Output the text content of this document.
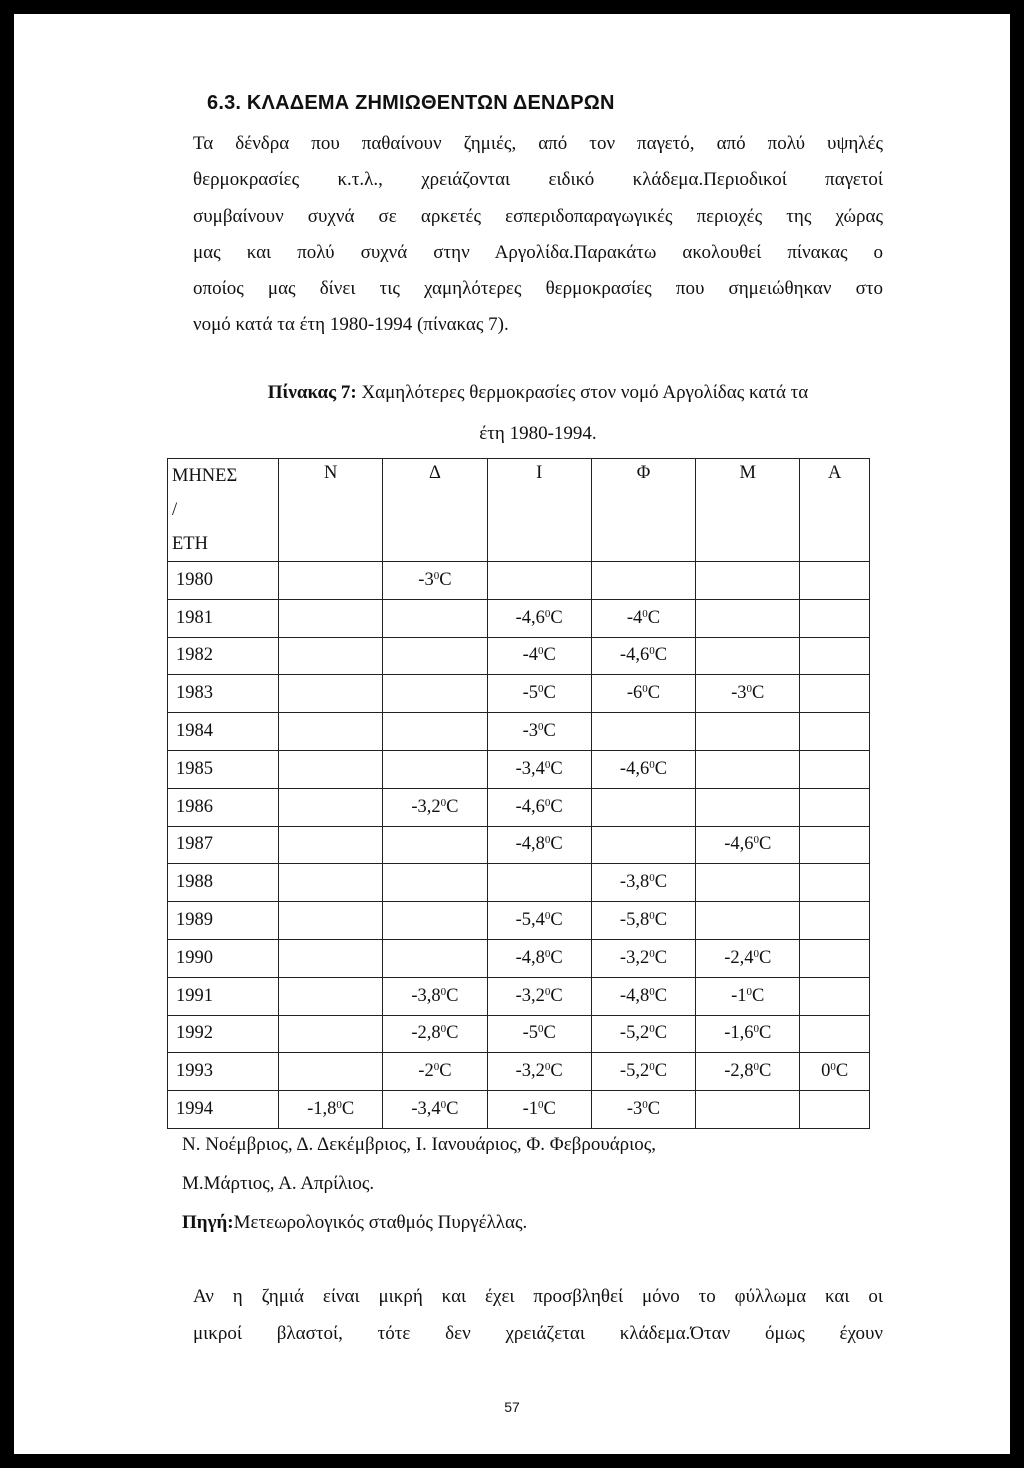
6.3. ΚΛΑΔΕΜΑ ΖΗΜΙΩΘΕΝΤΩΝ ΔΕΝΔΡΩΝ
Τα δένδρα που παθαίνουν ζημιές, από τον παγετό, από πολύ υψηλές
θερμοκρασίες κ.τ.λ., χρειάζονται ειδικό κλάδεμα.Περιοδικοί παγετοί
συμβαίνουν συχνά σε αρκετές εσπεριδοπαραγωγικές περιοχές της χώρας
μας και πολύ συχνά στην Αργολίδα.Παρακάτω ακολουθεί πίνακας ο
οποίος μας δίνει τις χαμηλότερες θερμοκρασίες που σημειώθηκαν στο
νομό κατά τα έτη 1980-1994 (πίνακας 7).
Πίνακας 7: Χαμηλότερες θερμοκρασίες στον νομό Αργολίδας κατά τα
έτη 1980-1994.
ΜΗΝΕΣ
/
ΕΤΗ	Ν	Δ	Ι	Φ	Μ	Α
1980		$-3^0C$				
1981			$-4,6^0C$	$-4^0C$		
1982			$-4^0C$	$-4,6^0C$		
1983			$-5^0C$	$-6^0C$	$-3^0C$	
1984			$-3^0C$			
1985			$-3,4^0C$	$-4,6^0C$		
1986		$-3,2^0C$	$-4,6^0C$			
1987			$-4,8^0C$		$-4,6^0C$	
1988				$-3,8^0C$		
1989			$-5,4^0C$	$-5,8^0C$		
1990			$-4,8^0C$	$-3,2^0C$	$-2,4^0C$	
1991		$-3,8^0C$	$-3,2^0C$	$-4,8^0C$	$-1^0C$	
1992		$-2,8^0C$	$-5^0C$	$-5,2^0C$	$-1,6^0C$	
1993		$-2^0C$	$-3,2^0C$	$-5,2^0C$	$-2,8^0C$	$0^0C$
1994	$-1,8^0C$	$-3,4^0C$	$-1^0C$	$-3^0C$		
Ν. Νοέμβριος, Δ. Δεκέμβριος, Ι. Ιανουάριος, Φ. Φεβρουάριος,
Μ.Μάρτιος, Α. Απρίλιος.
Πηγή:Μετεωρολογικός σταθμός Πυργέλλας.
Αν η ζημιά είναι μικρή και έχει προσβληθεί μόνο το φύλλωμα και οι
μικροί βλαστοί, τότε δεν χρειάζεται κλάδεμα.Όταν όμως έχουν
57
